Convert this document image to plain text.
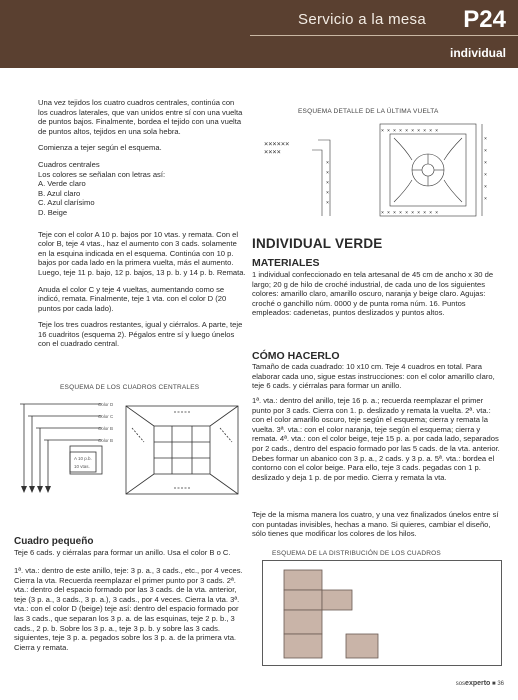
Servicio a la mesa P24
individual

Una vez tejidos los cuatro cuadros centrales, continúa con los cuadros laterales, que van unidos entre sí con una vuelta de puntos bajos. Finalmente, bordea el tejido con una vuelta de puntos altos, tejidos en una sola hebra.

Comienza a tejer según el esquema.

Cuadros centrales
Los colores se señalan con letras así:
A. Verde claro
B. Azul claro
C. Azul clarísimo

D. Beige

Teje con el color A 10 p. bajos por 10 vtas. y remata. Con el color B, teje 4 vtas., haz el aumento con 3 cads. solamente en la esquina indicada en el esquema. Continúa con 10 p. bajos por cada lado en la primera vuelta, más el aumento. Luego, teje 11 p. bajo, 12 p. bajos, 13 p. b. y 14 p. b. Remata.

Anuda el color C y teje 4 vueltas, aumentando como se indicó, remata. Finalmente, teje 1 vta. con el color D (20 puntos por cada lado).

Teje los tres cuadros restantes, igual y ciérralos. A parte, teje 16 cuadritos (esquema 2). Pégalos entre sí y luego únelos con el cuadrado central.

ESQUEMA DE LOS CUADROS CENTRALES
Color D
Color C
Color B
Color B
A 10 p.b.
10 vtas.
Cuadro pequeño
Teje 6 cads. y ciérralas para formar un anillo. Usa el color B o C.
1ª. vta.: dentro de este anillo, teje: 3 p. a., 3 cads., etc., por 4 veces. Cierra la vta. Recuerda reemplazar el primer punto por 3 cads. 2ª. vta.: dentro del espacio formado por las 3 cads. de la vta. anterior, teje (3 p. a., 3 cads., 3 p. a.), 3 cads., por 4 veces. Cierra la vta. 3ª. vta.: con el color D (beige) teje así: dentro del espacio formado por las 3 cads., que separan los 3 p. a. de las esquinas, teje 2 p. b., 3 cads., 2 p. b. Sobre los 3 p. a., teje 3 p. b. y sobre las 3 cads. siguientes, teje 3 p. a. pegados sobre los 3 p. a. de la primera vta. Cierra y remata.
ESQUEMA DETALLE DE LA ÚLTIMA VUELTA
××××××
××××
× × × × × × × × × ×
× × × × × × × × × ×
×
×
×
×
×
×
×
×
×
×
×
INDIVIDUAL VERDE
MATERIALES
1 individual confeccionado en tela artesanal de 45 cm de ancho x 30 de largo; 20 g de hilo de croché industrial, de cada uno de los siguientes colores: amarillo claro, amarillo oscuro, naranja y beige claro. Agujas: croché o ganchillo núm. 0000 y de punta roma núm. 16. Puntos empleados: cadenetas, puntos deslizados y puntos altos.
CÓMO HACERLO
Tamaño de cada cuadrado: 10 x10 cm. Teje 4 cuadros en total. Para elaborar cada uno, sigue estas instrucciones: con el color amarillo claro, teje 6 cads. y ciérralas para formar un anillo.
1ª. vta.: dentro del anillo, teje 16 p. a.; recuerda reemplazar el primer punto por 3 cads. Cierra con 1. p. deslizado y remata la vuelta. 2ª. vta.: con el color amarillo oscuro, teje según el esquema; cierra y remata la vuelta. 3ª. vta.: con el color naranja, teje según el esquema; cierra y remata. 4ª. vta.: con el color beige, teje 15 p. a. por cada lado, separados por 2 cads., dentro del espacio formado por las 5 cads. de la vta. anterior. Debes formar un abanico con 3 p. a., 2 cads. y 3 p. a. 5ª. vta.: bordea el contorno con el color beige. Para ello, teje 3 cads. pegadas con 1 p. deslizado y deja 1 p. de por medio. Cierra y remata la vta.
Teje de la misma manera los cuatro, y una vez finalizados únelos entre sí con puntadas invisibles, hechas a mano. Si quieres, cambiar el diseño, sólo tienes que modificar los colores de los hilos.
ESQUEMA DE LA DISTRIBUCIÓN DE LOS CUADROS
sosexperto ■ 36
